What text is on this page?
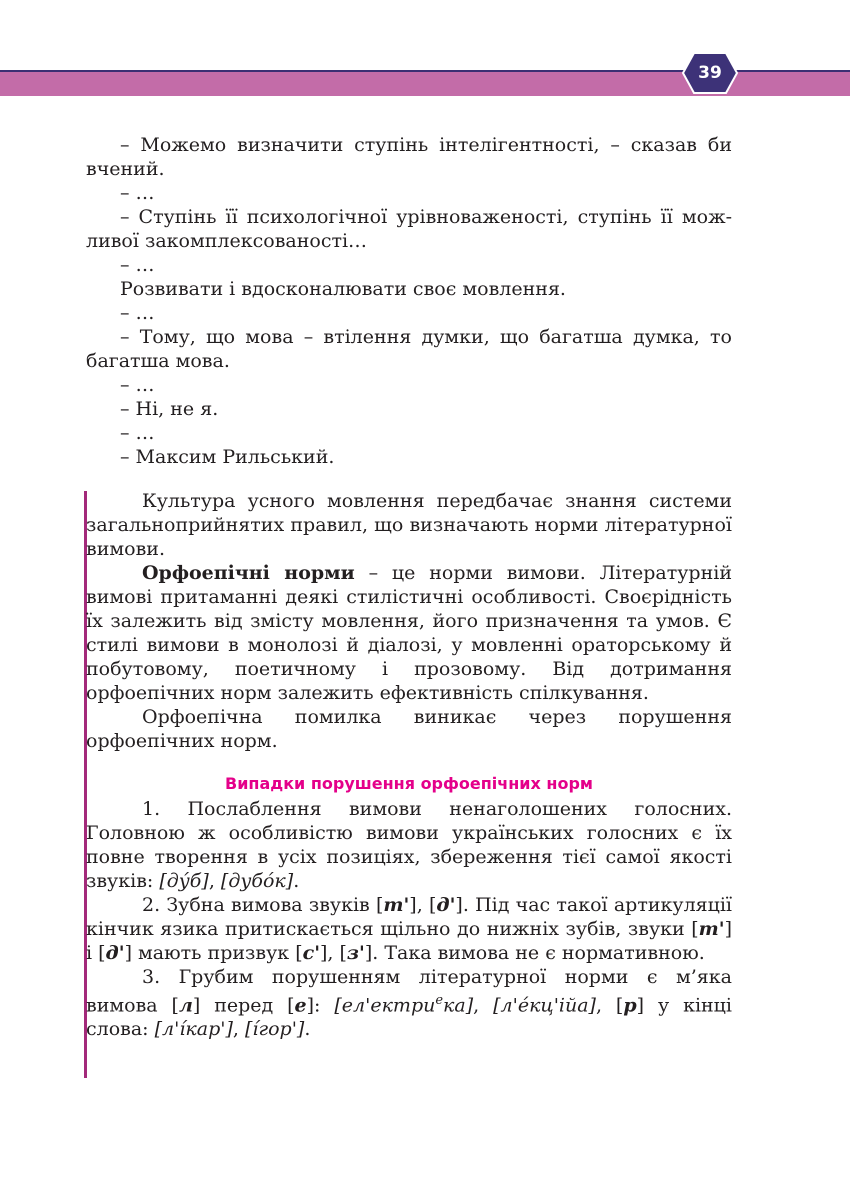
39

– Можемо визначити ступінь інтелігентності, – сказав би

вчений.

– …

– Ступінь її психологічної урівноваженості, ступінь її мож-

ливої закомплексованості…

– …

Розвивати і вдосконалювати своє мовлення.

– …

– Тому, що мова – втілення думки, що багатша думка, то

багатша мова.

– …

– Ні, не я.

– …

– Максим Рильський.

Культура усного мовлення передбачає знання системи загальноприйнятих правил, що визначають норми літературної вимови.

Орфоепічні норми – це норми вимови. Літературній вимові притаманні деякі стилістичні особливості. Своєрідність їх залежить від змісту мовлення, його призначення та умов. Є стилі вимови в монолозі й діалозі, у мовленні ораторському й побутовому, поетичному і прозовому. Від дотримання орфоепічних норм залежить ефективність спілкування.

Орфоепічна помилка виникає через порушення орфоепічних норм.

Випадки порушення орфоепічних норм

1. Послаблення вимови ненаголошених голосних. Головною ж особливістю вимови українських голосних є їх повне творення в усіх позиціях, збереження тієї самої якості звуків: [ду́б], [дубо́к].

2. Зубна вимова звуків [т'], [д']. Під час такої артикуляції кінчик язика притискається щільно до нижніх зубів, звуки [т'] і [д'] мають призвук [с'], [з']. Така вимова не є нормативною.

3. Грубим порушенням літературної норми є м’яка вимова [л] перед [е]: [ел'ектри$^е$ка], [л'е́кц'ійа], [р] у кінці слова: [л'і́кар'], [і́гор'].
